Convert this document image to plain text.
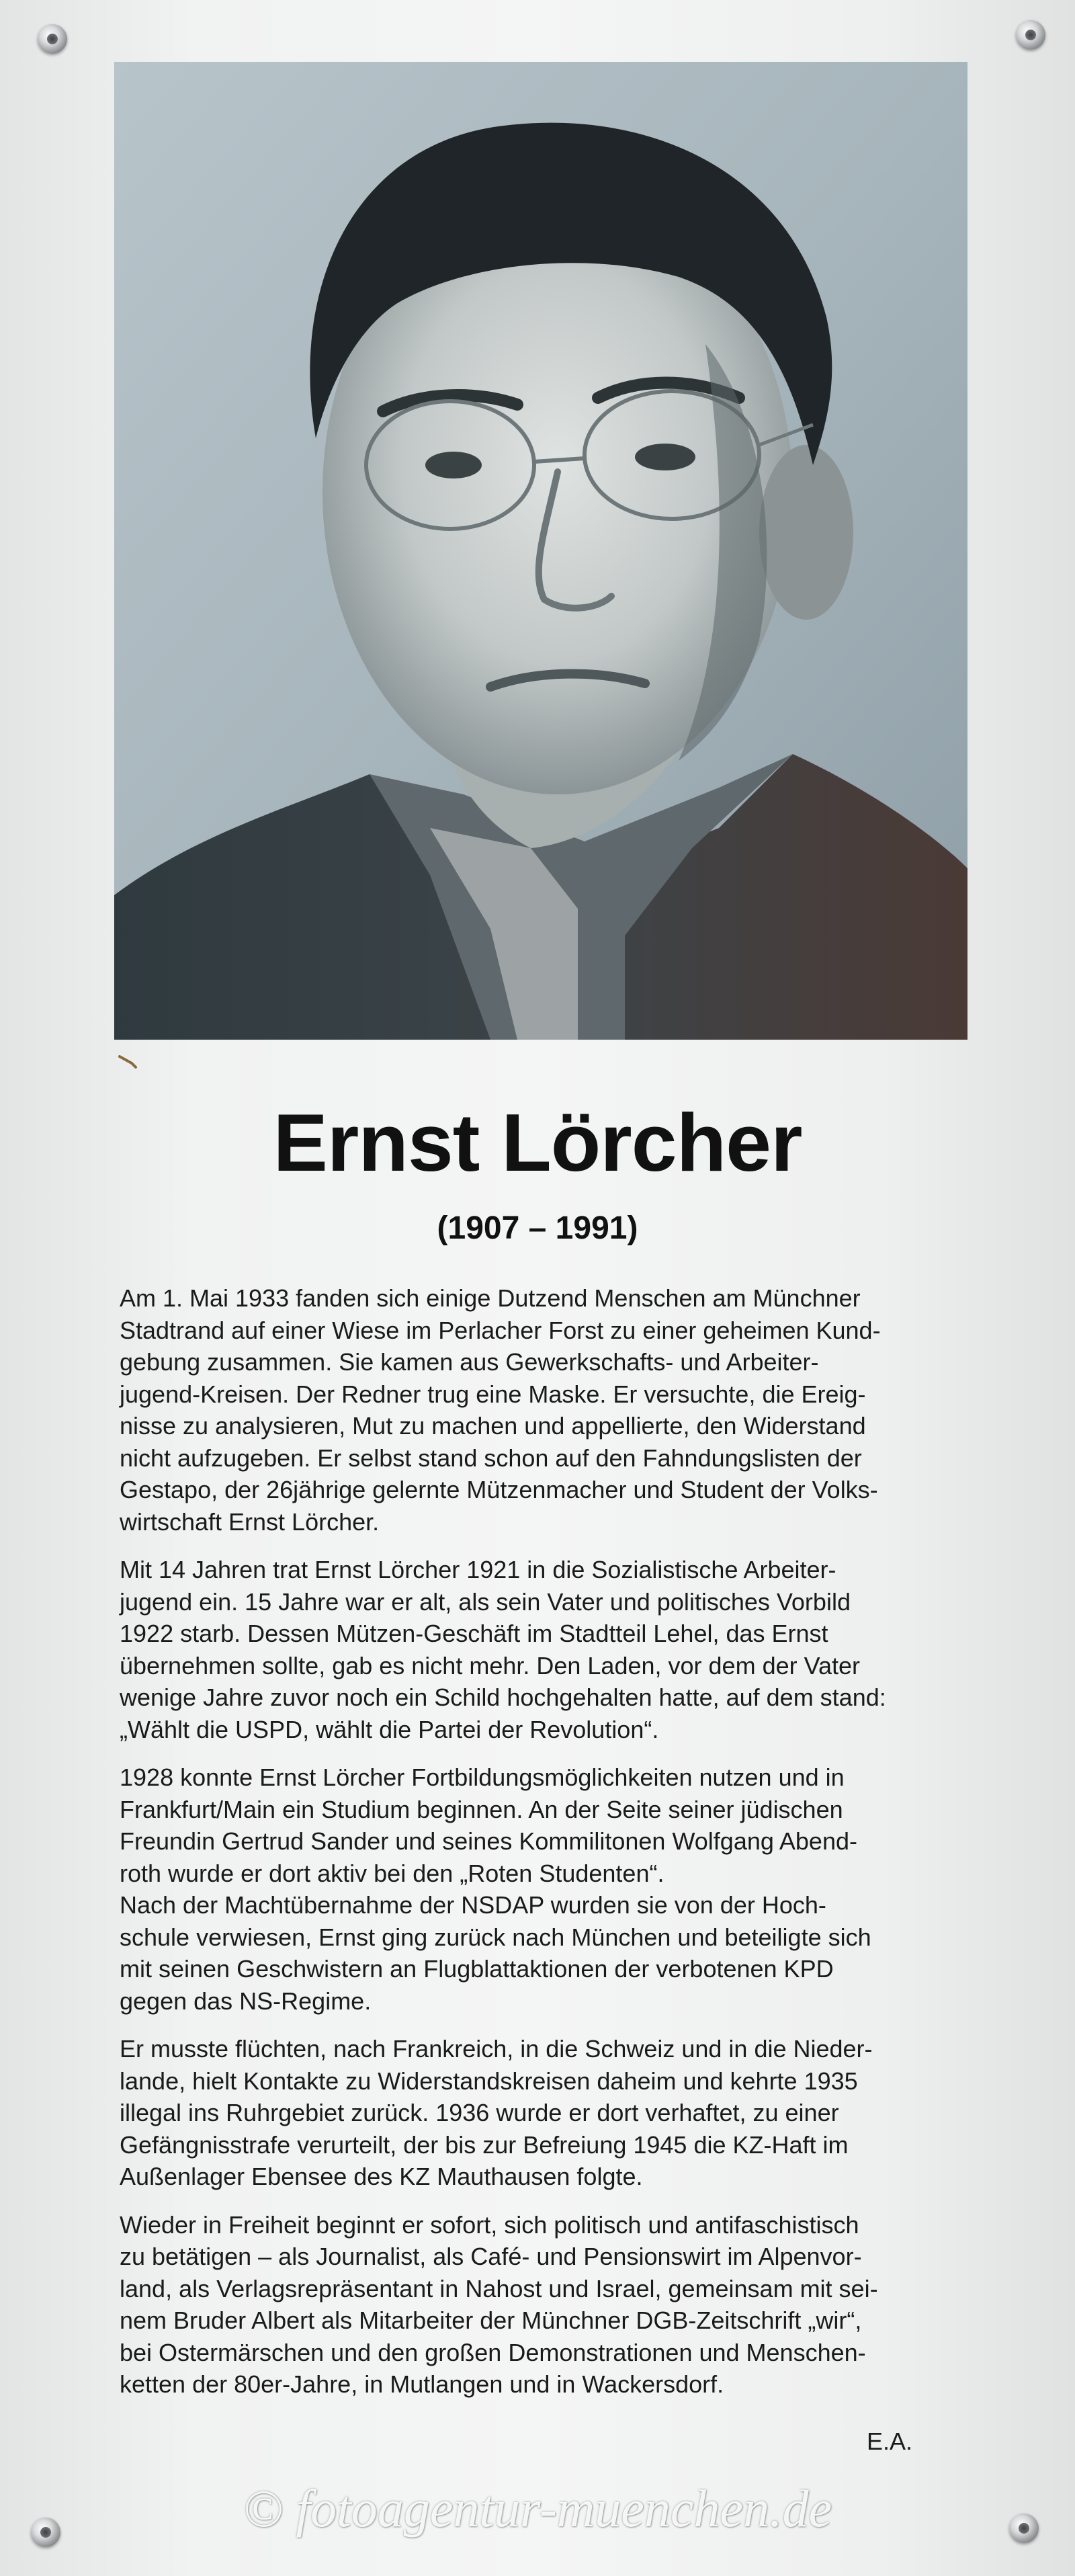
Ernst Lörcher
(1907 – 1991)

Am 1. Mai 1933 fanden sich einige Dutzend Menschen am Münchner
Stadtrand auf einer Wiese im Perlacher Forst zu einer geheimen Kund-
gebung zusammen. Sie kamen aus Gewerkschafts- und Arbeiter-
jugend-Kreisen. Der Redner trug eine Maske. Er versuchte, die Ereig-
nisse zu analysieren, Mut zu machen und appellierte, den Widerstand
nicht aufzugeben. Er selbst stand schon auf den Fahndungslisten der
Gestapo, der 26jährige gelernte Mützenmacher und Student der Volks-
wirtschaft Ernst Lörcher.

Mit 14 Jahren trat Ernst Lörcher 1921 in die Sozialistische Arbeiter-
jugend ein. 15 Jahre war er alt, als sein Vater und politisches Vorbild
1922 starb. Dessen Mützen-Geschäft im Stadtteil Lehel, das Ernst
übernehmen sollte, gab es nicht mehr. Den Laden, vor dem der Vater
wenige Jahre zuvor noch ein Schild hochgehalten hatte, auf dem stand:
„Wählt die USPD, wählt die Partei der Revolution“.

1928 konnte Ernst Lörcher Fortbildungsmöglichkeiten nutzen und in
Frankfurt/Main ein Studium beginnen. An der Seite seiner jüdischen
Freundin Gertrud Sander und seines Kommilitonen Wolfgang Abend-
roth wurde er dort aktiv bei den „Roten Studenten“.
Nach der Machtübernahme der NSDAP wurden sie von der Hoch-
schule verwiesen, Ernst ging zurück nach München und beteiligte sich
mit seinen Geschwistern an Flugblattaktionen der verbotenen KPD
gegen das NS-Regime.

Er musste flüchten, nach Frankreich, in die Schweiz und in die Nieder-
lande, hielt Kontakte zu Widerstandskreisen daheim und kehrte 1935
illegal ins Ruhrgebiet zurück. 1936 wurde er dort verhaftet, zu einer
Gefängnisstrafe verurteilt, der bis zur Befreiung 1945 die KZ-Haft im
Außenlager Ebensee des KZ Mauthausen folgte.

Wieder in Freiheit beginnt er sofort, sich politisch und antifaschistisch
zu betätigen – als Journalist, als Café- und Pensionswirt im Alpenvor-
land, als Verlagsrepräsentant in Nahost und Israel, gemeinsam mit sei-
nem Bruder Albert als Mitarbeiter der Münchner DGB-Zeitschrift „wir“,
bei Ostermärschen und den großen Demonstrationen und Menschen-
ketten der 80er-Jahre, in Mutlangen und in Wackersdorf.

E.A.
© fotoagentur-muenchen.de
